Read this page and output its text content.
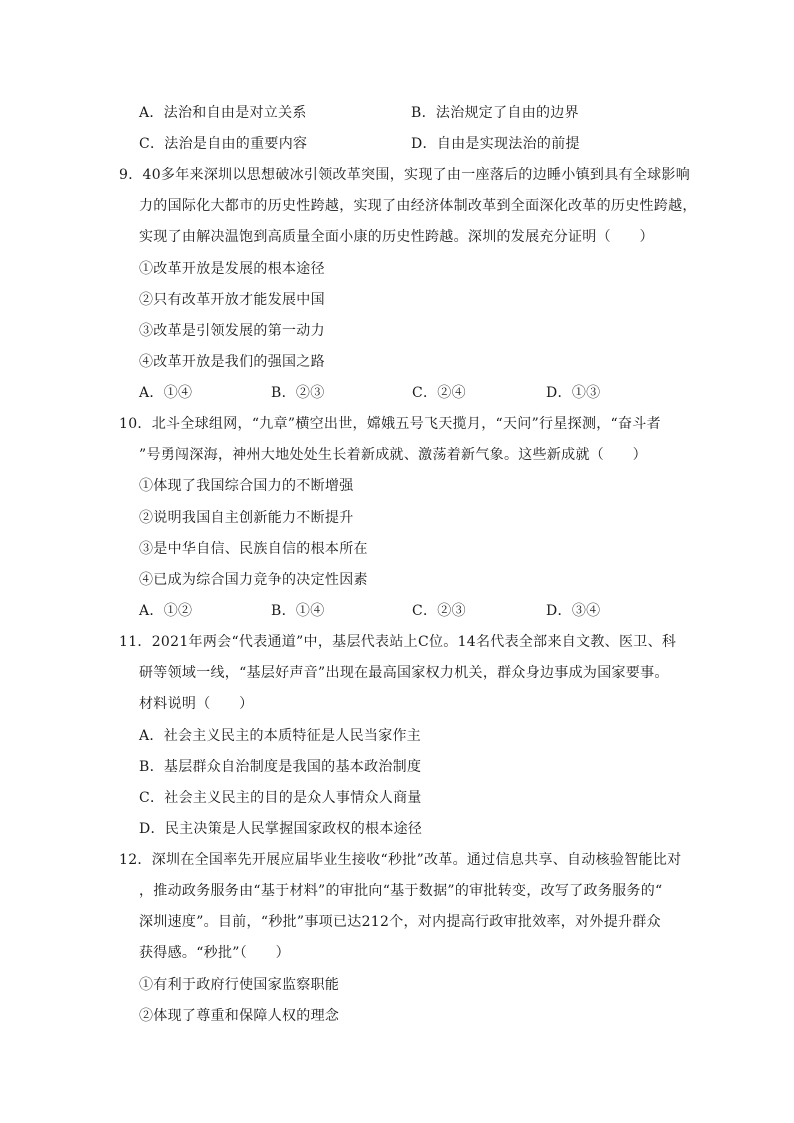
A．法治和自由是对立关系	B．法治规定了自由的边界
C．法治是自由的重要内容	D．自由是实现法治的前提
9．40多年来深圳以思想破冰引领改革突围，实现了由一座落后的边睡小镇到具有全球影响
力的国际化大都市的历史性跨越，实现了由经济体制改革到全面深化改革的历史性跨越，
实现了由解决温饱到高质量全面小康的历史性跨越。深圳的发展充分证明（　　）
①改革开放是发展的根本途径
②只有改革开放才能发展中国
③改革是引领发展的第一动力
④改革开放是我们的强国之路
A．①④	B．②③	C．②④	D．①③
10．北斗全球组网，“九章”横空出世，嫦娥五号飞天揽月，“天问”行星探测，“奋斗者
”号勇闯深海，神州大地处处生长着新成就、激荡着新气象。这些新成就（　　）
①体现了我国综合国力的不断增强
②说明我国自主创新能力不断提升
③是中华自信、民族自信的根本所在
④已成为综合国力竞争的决定性因素
A．①②	B．①④	C．②③	D．③④
11．2021年两会“代表通道”中，基层代表站上C位。14名代表全部来自文教、医卫、科
研等领域一线，“基层好声音”出现在最高国家权力机关，群众身边事成为国家要事。
材料说明（　　）
A．社会主义民主的本质特征是人民当家作主
B．基层群众自治制度是我国的基本政治制度
C．社会主义民主的目的是众人事情众人商量
D．民主决策是人民掌握国家政权的根本途径
12．深圳在全国率先开展应届毕业生接收“秒批”改革。通过信息共享、自动核验智能比对
，推动政务服务由“基于材料”的审批向“基于数据”的审批转变，改写了政务服务的“
深圳速度”。目前，“秒批”事项已达212个，对内提高行政审批效率，对外提升群众
获得感。“秒批”（　　）
①有利于政府行使国家监察职能
②体现了尊重和保障人权的理念
